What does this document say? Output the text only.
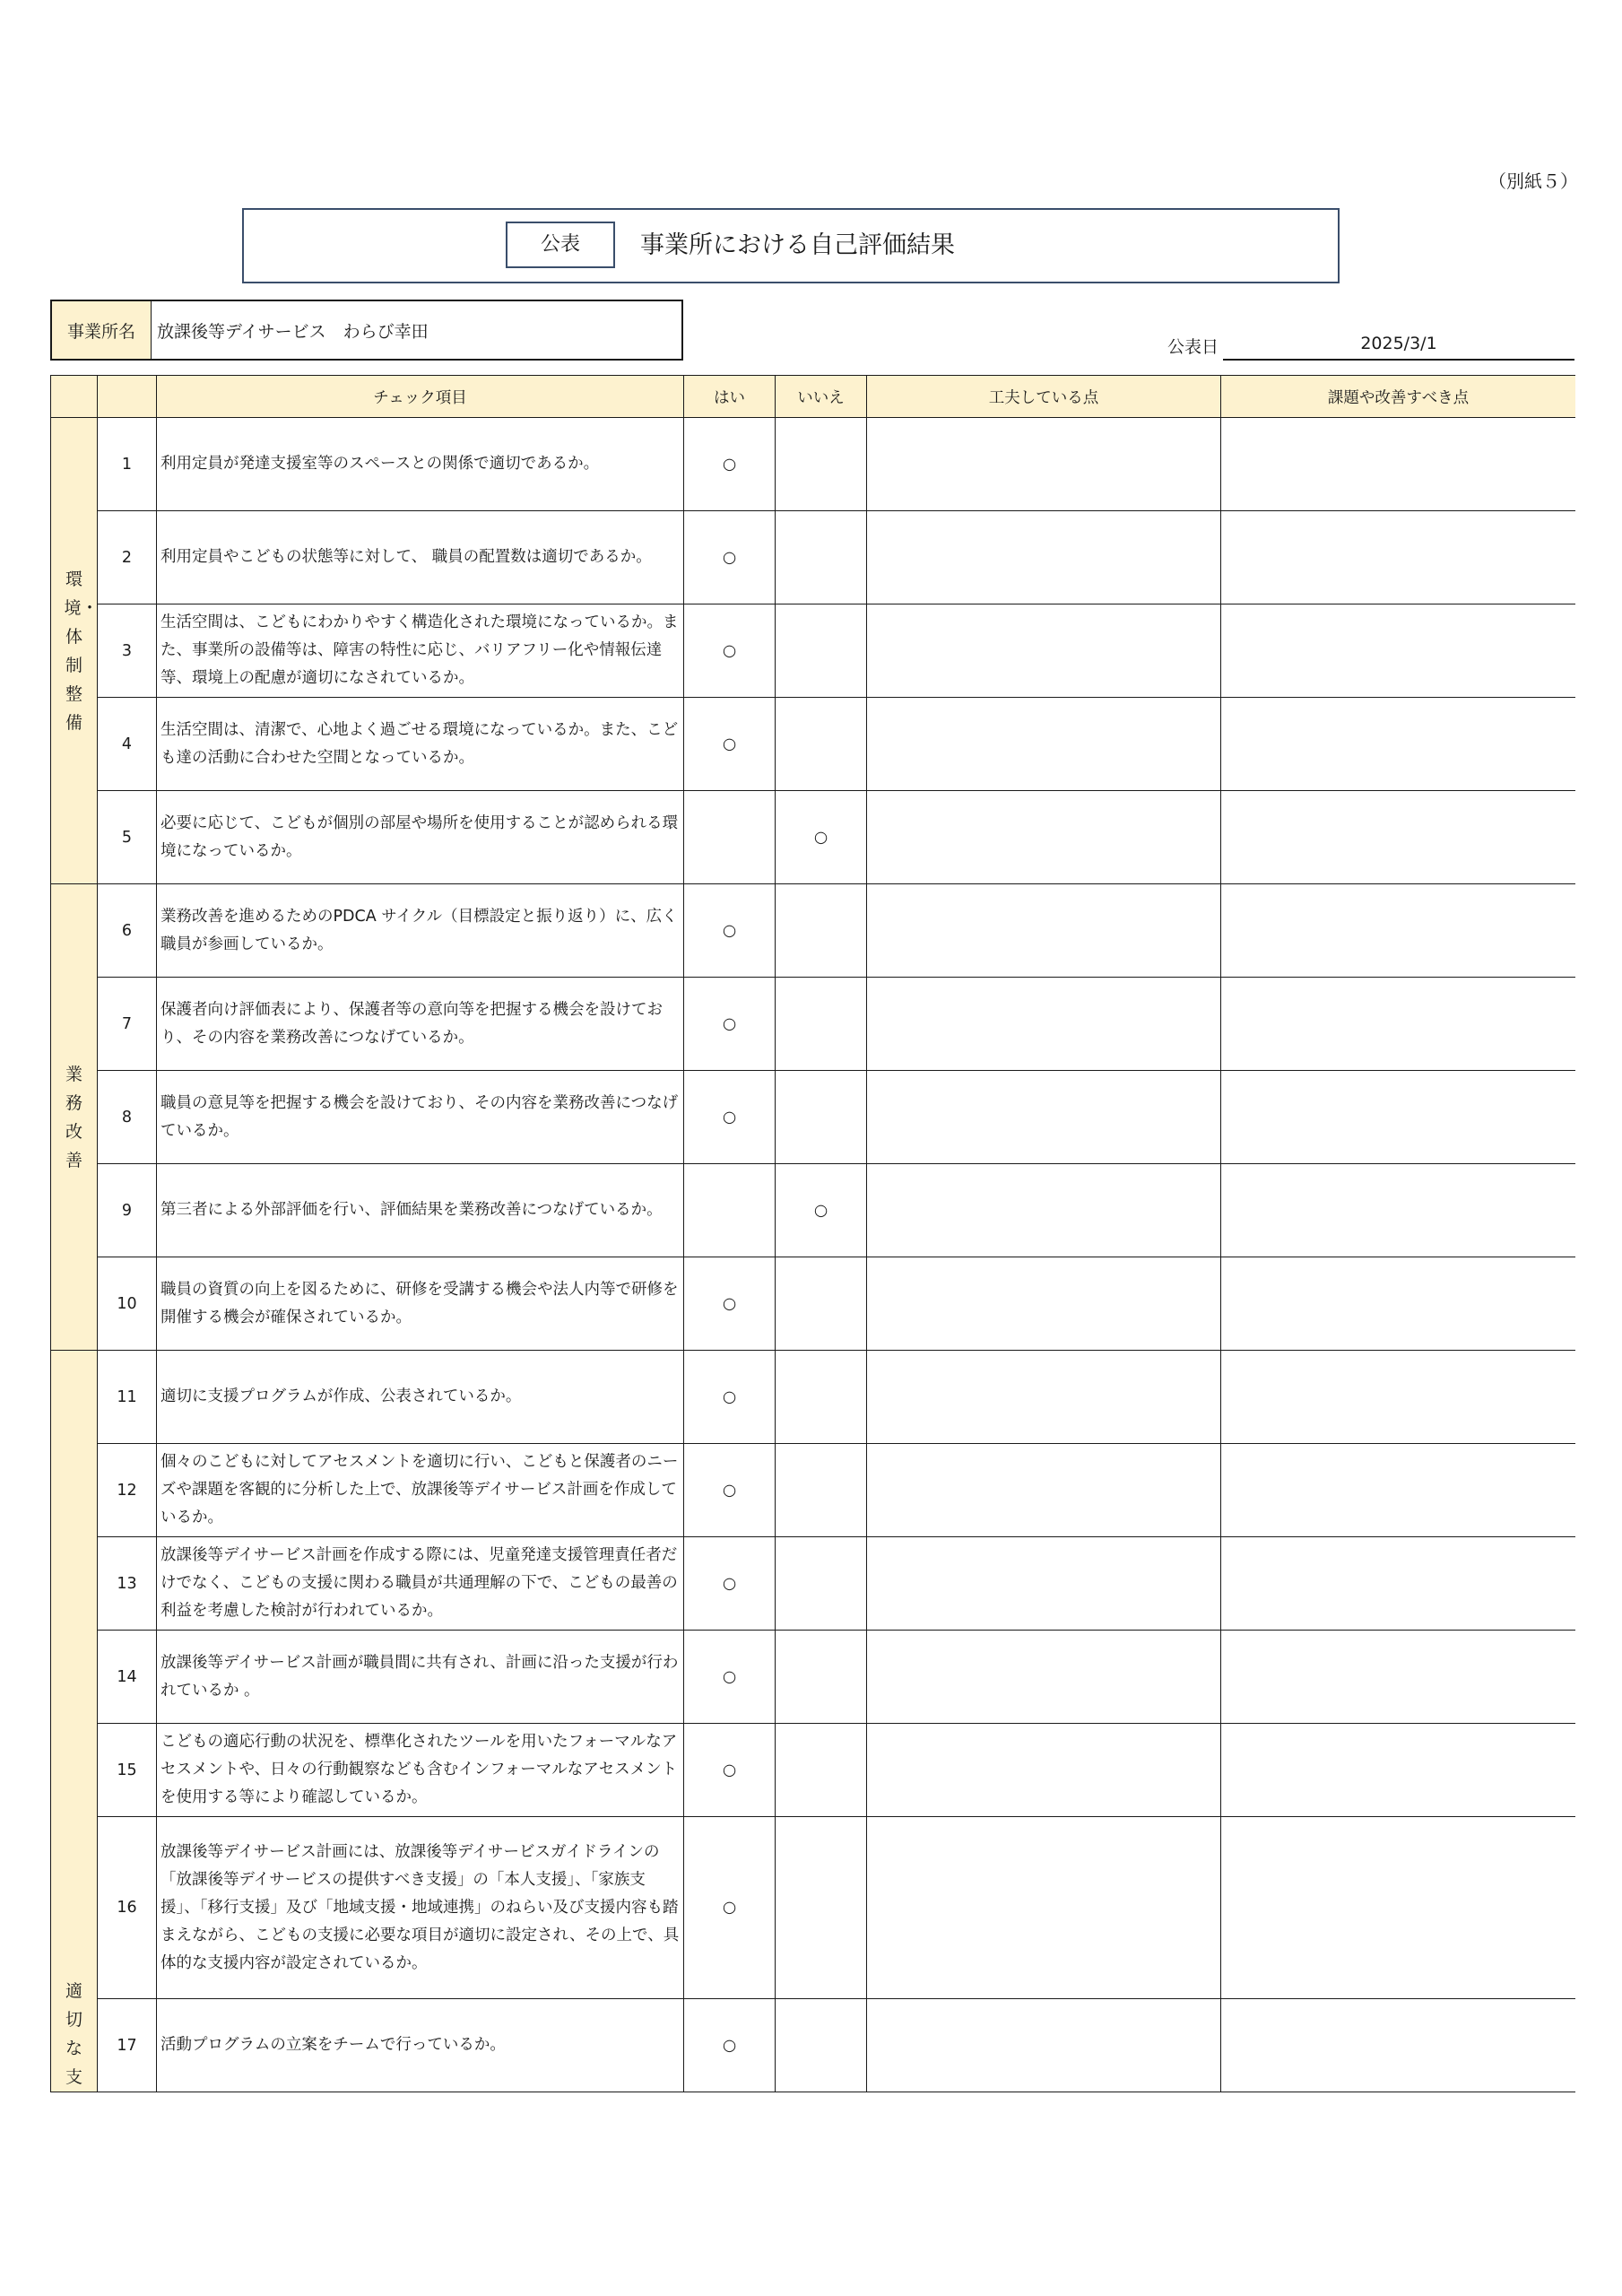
（別紙５）
公表	事業所における自己評価結果
事業所名	放課後等デイサービス　わらび幸田
公表日	2025/3/1
		チェック項目	はい	いいえ	工夫している点	課題や改善すべき点
環境・体制整備	1	利用定員が発達支援室等のスペースとの関係で適切であるか。	○			
	2	利用定員やこどもの状態等に対して、 職員の配置数は適切であるか。	○			
	3	生活空間は、こどもにわかりやすく構造化された環境になっているか。また、事業所の設備等は、障害の特性に応じ、バリアフリー化や情報伝達等、環境上の配慮が適切になされているか。	○			
	4	生活空間は、清潔で、心地よく過ごせる環境になっているか。また、こども達の活動に合わせた空間となっているか。	○			
	5	必要に応じて、こどもが個別の部屋や場所を使用することが認められる環境になっているか。		○		
業務改善	6	業務改善を進めるためのPDCA サイクル（目標設定と振り返り）に、広く職員が参画しているか。	○			
	7	保護者向け評価表により、保護者等の意向等を把握する機会を設けており、その内容を業務改善につなげているか。	○			
	8	職員の意見等を把握する機会を設けており、その内容を業務改善につなげているか。	○			
	9	第三者による外部評価を行い、評価結果を業務改善につなげているか。		○		
	10	職員の資質の向上を図るために、研修を受講する機会や法人内等で研修を開催する機会が確保されているか。	○			
適切な支	11	適切に支援プログラムが作成、公表されているか。	○			
	12	個々のこどもに対してアセスメントを適切に行い、こどもと保護者のニーズや課題を客観的に分析した上で、放課後等デイサービス計画を作成しているか。	○			
	13	放課後等デイサービス計画を作成する際には、児童発達支援管理責任者だけでなく、こどもの支援に関わる職員が共通理解の下で、こどもの最善の利益を考慮した検討が行われているか。	○			
	14	放課後等デイサービス計画が職員間に共有され、計画に沿った支援が行われているか 。	○			
	15	こどもの適応行動の状況を、標準化されたツールを用いたフォーマルなアセスメントや、日々の行動観察なども含むインフォーマルなアセスメントを使用する等により確認しているか。	○			
	16	放課後等デイサービス計画には、放課後等デイサービスガイドラインの「放課後等デイサービスの提供すべき支援」の「本人支援」、「家族支援」、「移行支援」及び「地域支援・地域連携」のねらい及び支援内容も踏まえながら、こどもの支援に必要な項目が適切に設定され、その上で、具体的な支援内容が設定されているか。	○			
	17	活動プログラムの立案をチームで行っているか。	○			
